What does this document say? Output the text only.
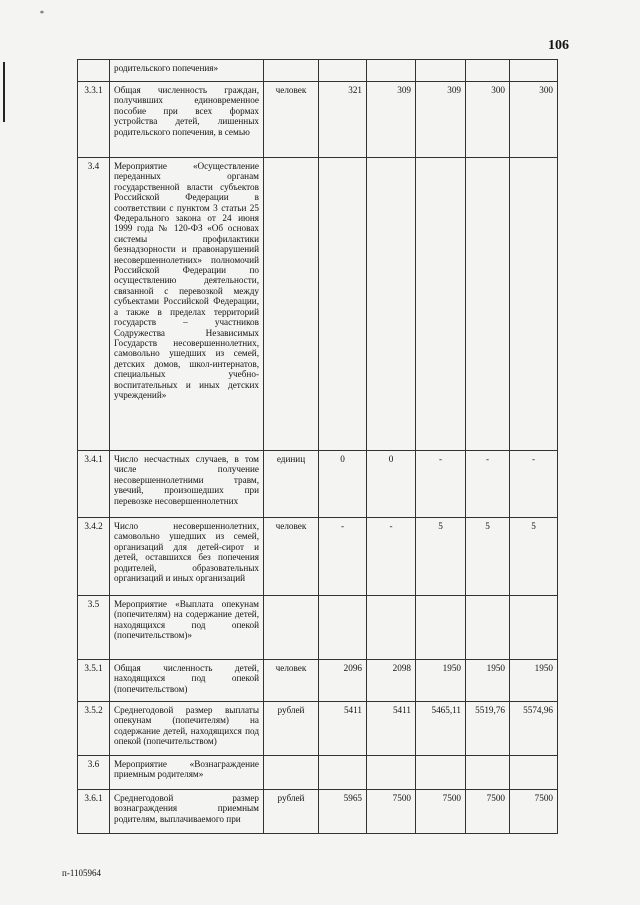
*
106
	родительского попечения»						
3.3.1	Общая численность граждан, получивших единовременное пособие при всех формах устройства детей, лишенных родительского попечения, в семью	человек	321	309	309	300	300
3.4	Мероприятие «Осуществление переданных органам государственной власти субъектов Российской Федерации в соответствии с пунктом 3 статьи 25 Федерального закона от 24 июня 1999 года № 120-ФЗ «Об основах системы профилактики безнадзорности и правонарушений несовершеннолетних» полномочий Российской Федерации по осуществлению деятельности, связанной с перевозкой между субъектами Российской Федерации, а также в пределах территорий государств – участников Содружества Независимых Государств несовершеннолетних, самовольно ушедших из семей, детских домов, школ-интернатов, специальных учебно-воспитательных и иных детских учреждений»						
3.4.1	Число несчастных случаев, в том числе получение несовершеннолетними травм, увечий, произошедших при перевозке несовершеннолетних	единиц	0	0	-	-	-
3.4.2	Число несовершеннолетних, самовольно ушедших из семей, организаций для детей-сирот и детей, оставшихся без попечения родителей, образовательных организаций и иных организаций	человек	-	-	5	5	5
3.5	Мероприятие «Выплата опекунам (попечителям) на содержание детей, находящихся под опекой (попечительством)»						
3.5.1	Общая численность детей, находящихся под опекой (попечительством)	человек	2096	2098	1950	1950	1950
3.5.2	Среднегодовой размер выплаты опекунам (попечителям) на содержание детей, находящихся под опекой (попечительством)	рублей	5411	5411	5465,11	5519,76	5574,96
3.6	Мероприятие «Вознаграждение приемным родителям»						
3.6.1	Среднегодовой размер вознаграждения приемным родителям, выплачиваемого при	рублей	5965	7500	7500	7500	7500
п-1105964
